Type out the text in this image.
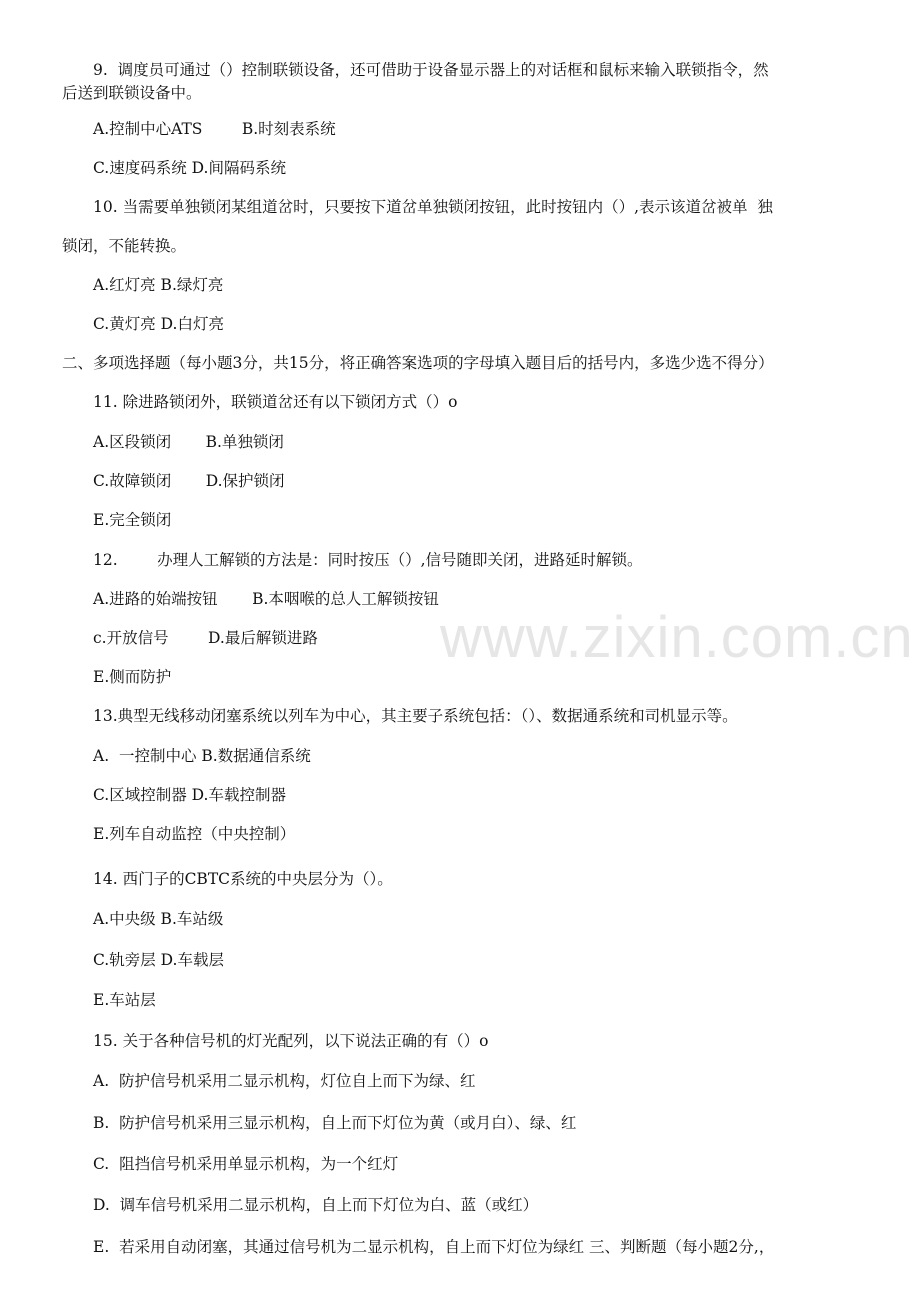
www.zixin.com.cn
9.  调度员可通过（）控制联锁设备，还可借助于设备显示器上的对话框和鼠标来输入联锁指令，然
后送到联锁设备中。
A.控制中心ATS        B.时刻表系统
C.速度码系统 D.间隔码系统
10. 当需要单独锁闭某组道岔时，只要按下道岔单独锁闭按钮，此时按钮内（）,表示该道岔被单  独
锁闭，不能转换。
A.红灯亮 B.绿灯亮
C.黄灯亮 D.白灯亮
二、多项选择题（每小题3分，共15分，将正确答案选项的字母填入题目后的括号内，多选少选不得分）
11. 除进路锁闭外，联锁道岔还有以下锁闭方式（）o
A.区段锁闭       B.单独锁闭
C.故障锁闭       D.保护锁闭
E.完全锁闭
12.        办理人工解锁的方法是：同时按压（）,信号随即关闭，进路延时解锁。
A.进路的始端按钮       B.本咽喉的总人工解锁按钮
c.开放信号        D.最后解锁进路
E.侧而防护
13.典型无线移动闭塞系统以列车为中心，其主要子系统包括：（）、数据通系统和司机显示等。
A.  一控制中心 B.数据通信系统
C.区域控制器 D.车载控制器
E.列车自动监控（中央控制）
14. 西门子的CBTC系统的中央层分为（）。
A.中央级 B.车站级
C.轨旁层 D.车载层
E.车站层
15. 关于各种信号机的灯光配列，以下说法正确的有（）o
A.  防护信号机采用二显示机构，灯位自上而下为绿、红
B.  防护信号机采用三显示机构，自上而下灯位为黄（或月白）、绿、红
C.  阻挡信号机采用单显示机构，为一个红灯
D.  调车信号机采用二显示机构，自上而下灯位为白、蓝（或红）
E.  若采用自动闭塞，其通过信号机为二显示机构，自上而下灯位为绿红 三、判断题（每小题2分,，
